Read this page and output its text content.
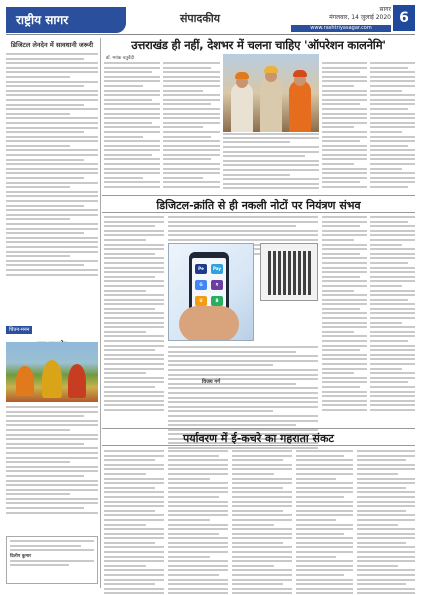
राष्ट्रीय सागर	संपादकीय
सागर
मंगलवार, 14 जुलाई 2020
www.rashtriyasagar.com
6
डिजिटल लेनदेन में सावधानी जरूरी
चिंतन-मनन
दिलीप कुमार
उत्तराखंड ही नहीं, देशभर में चलना चाहिए 'ऑपरेशन कालनेमि'
डॉ. मयंक चतुर्वेदी
डिजिटल-क्रांति से ही नकली नोटों पर नियंत्रण संभव
Pe	Pay
G	₹
U	B
पर्यावरण में ई-कचरे का गहराता संकट
विजय गर्ग
